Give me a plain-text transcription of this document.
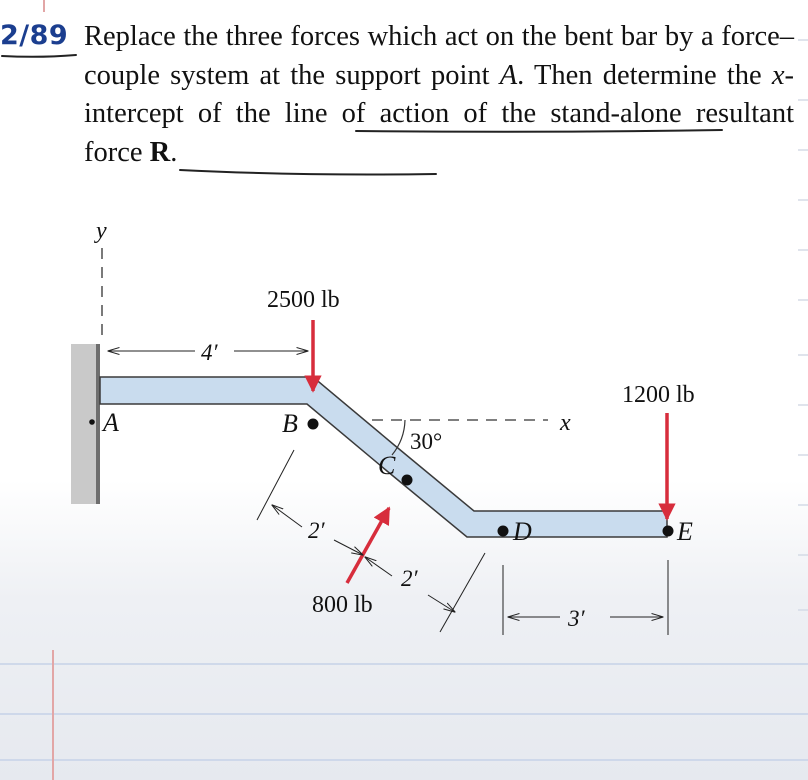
2/89 Replace the three forces which act on the bent bar by a force–couple system at the support point A. Then determine the x-intercept of the line of action of the stand-alone resultant force R.
y
x
A	B
C
D	E
30°
2500 lb
1200 lb
800 lb
4′
2′
2′
3′
